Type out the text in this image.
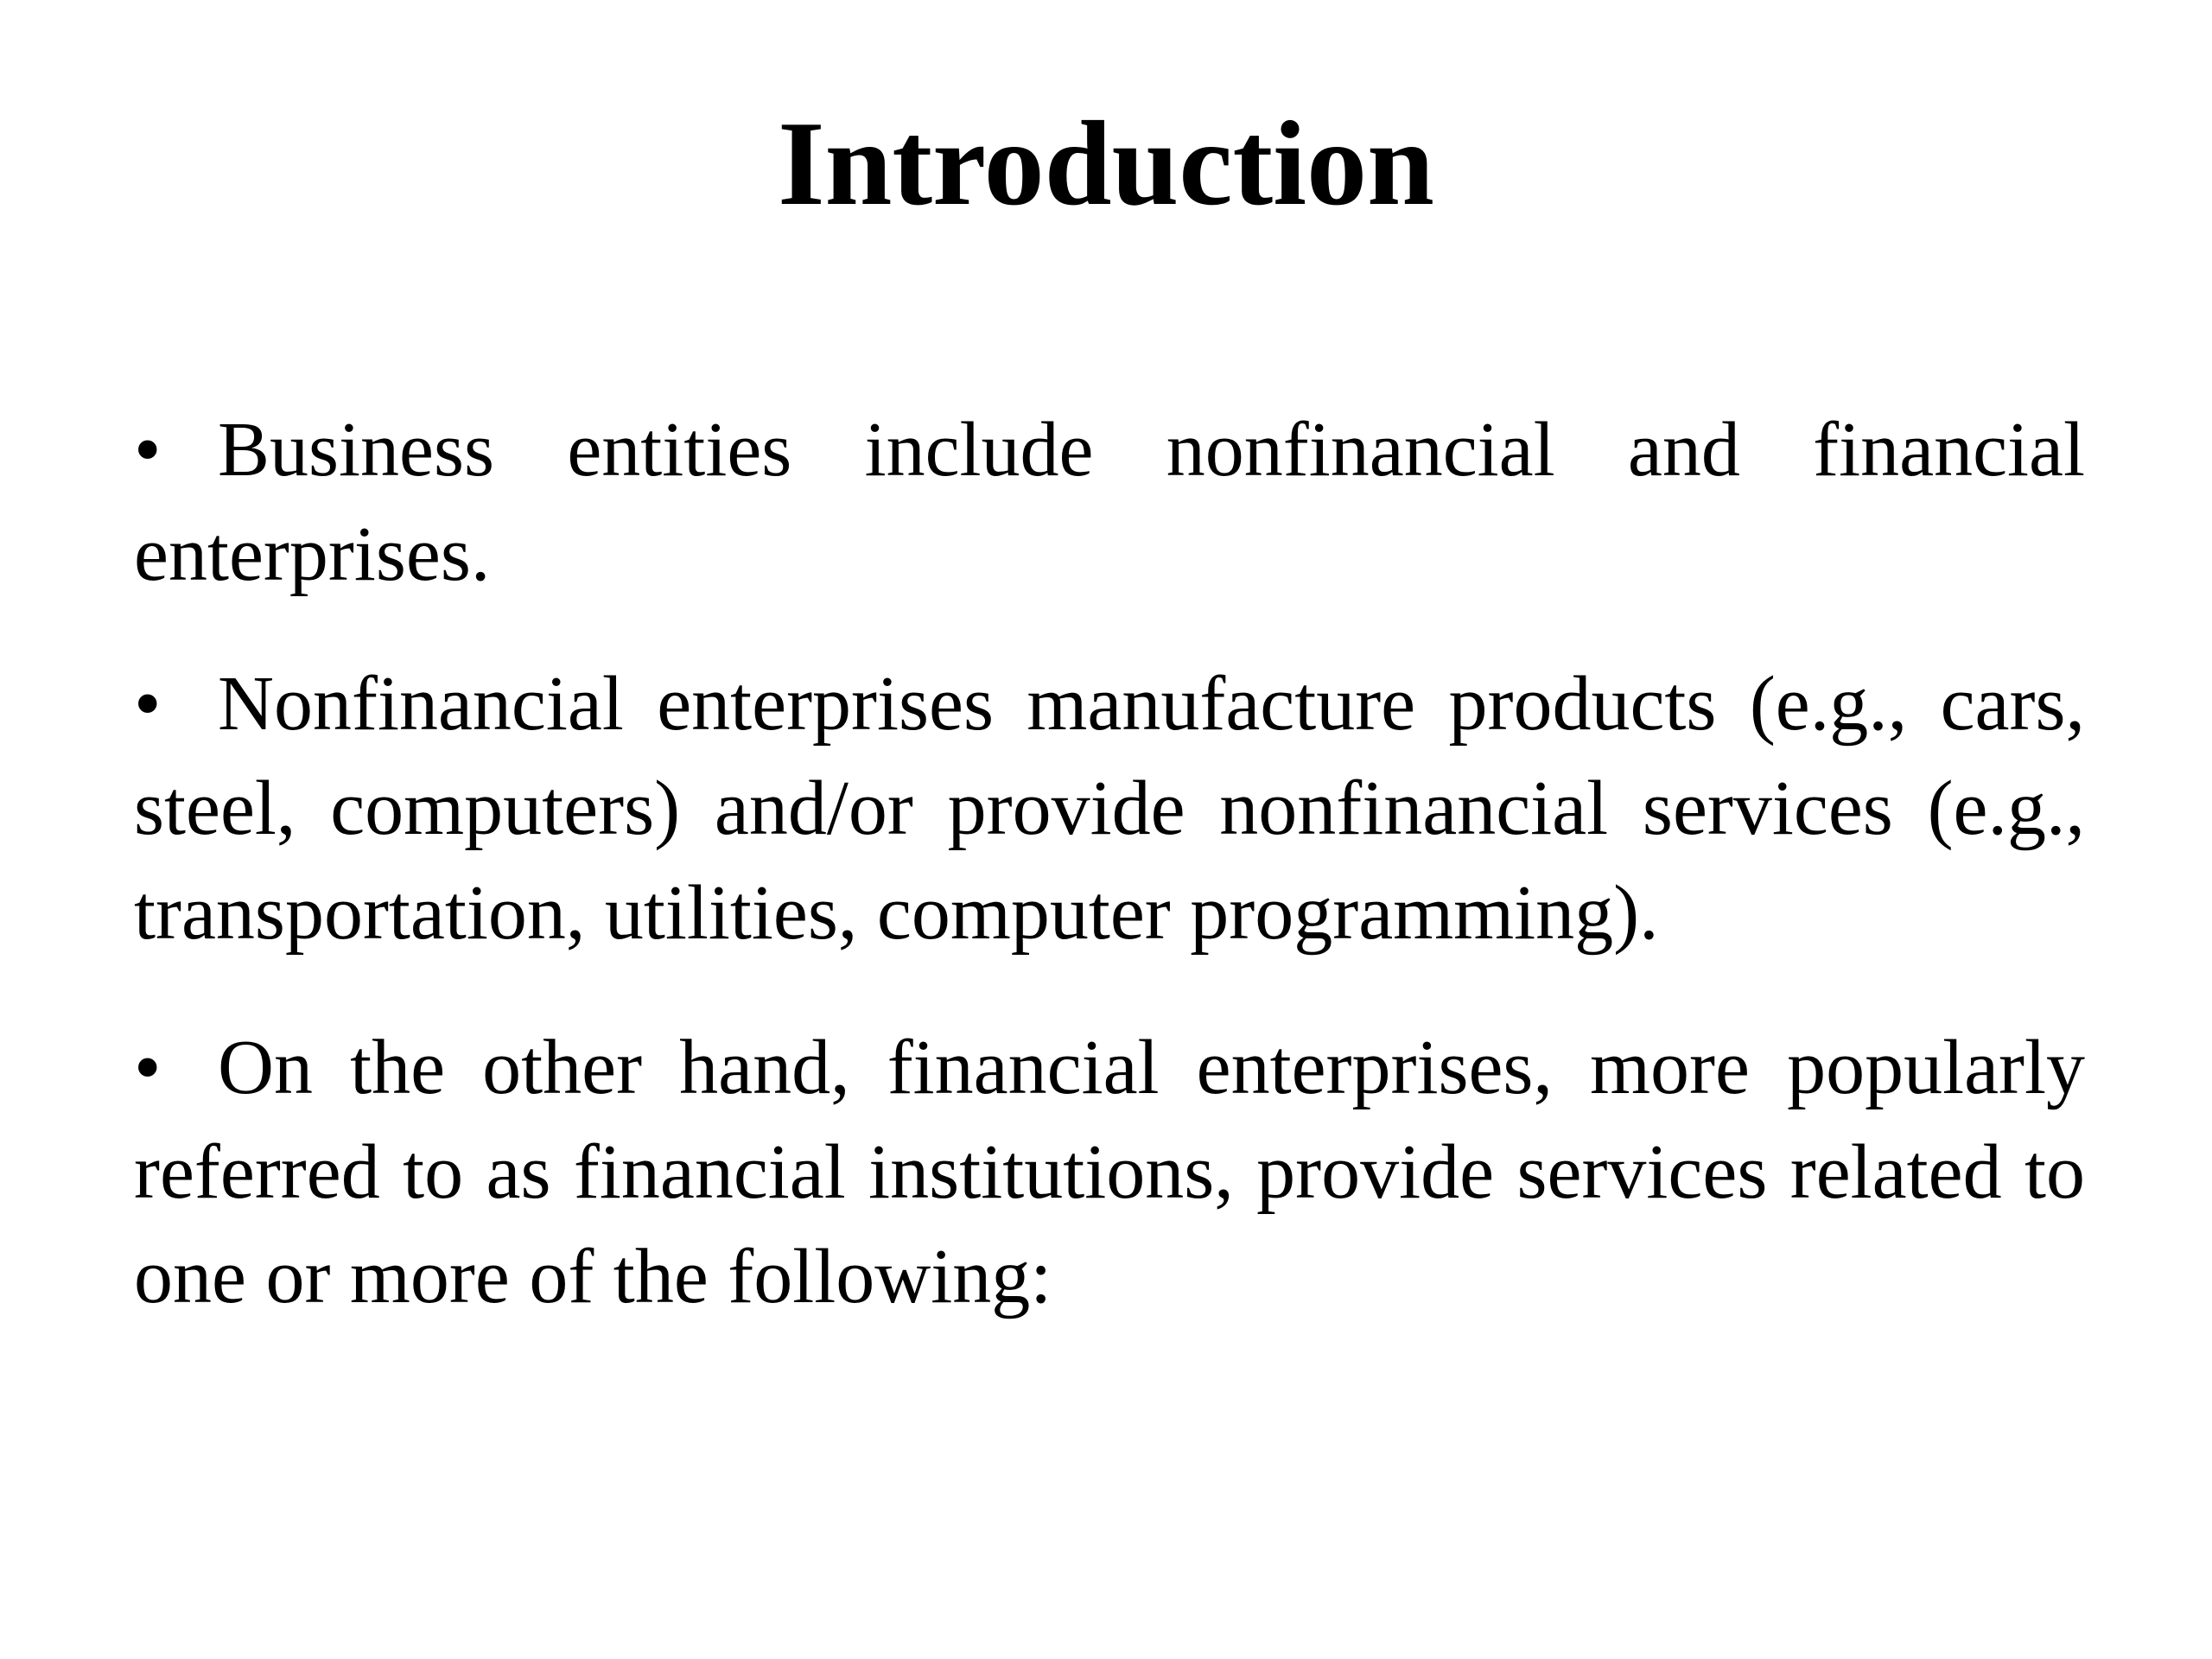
Introduction
• Business entities include nonfinancial and financial enterprises.
• Nonfinancial enterprises manufacture products (e.g., cars, steel, computers) and/or provide nonfinancial services (e.g., transportation, utilities, computer programming).
• On the other hand, financial enterprises, more popularly referred to as financial institutions, provide services related to one or more of the following:
